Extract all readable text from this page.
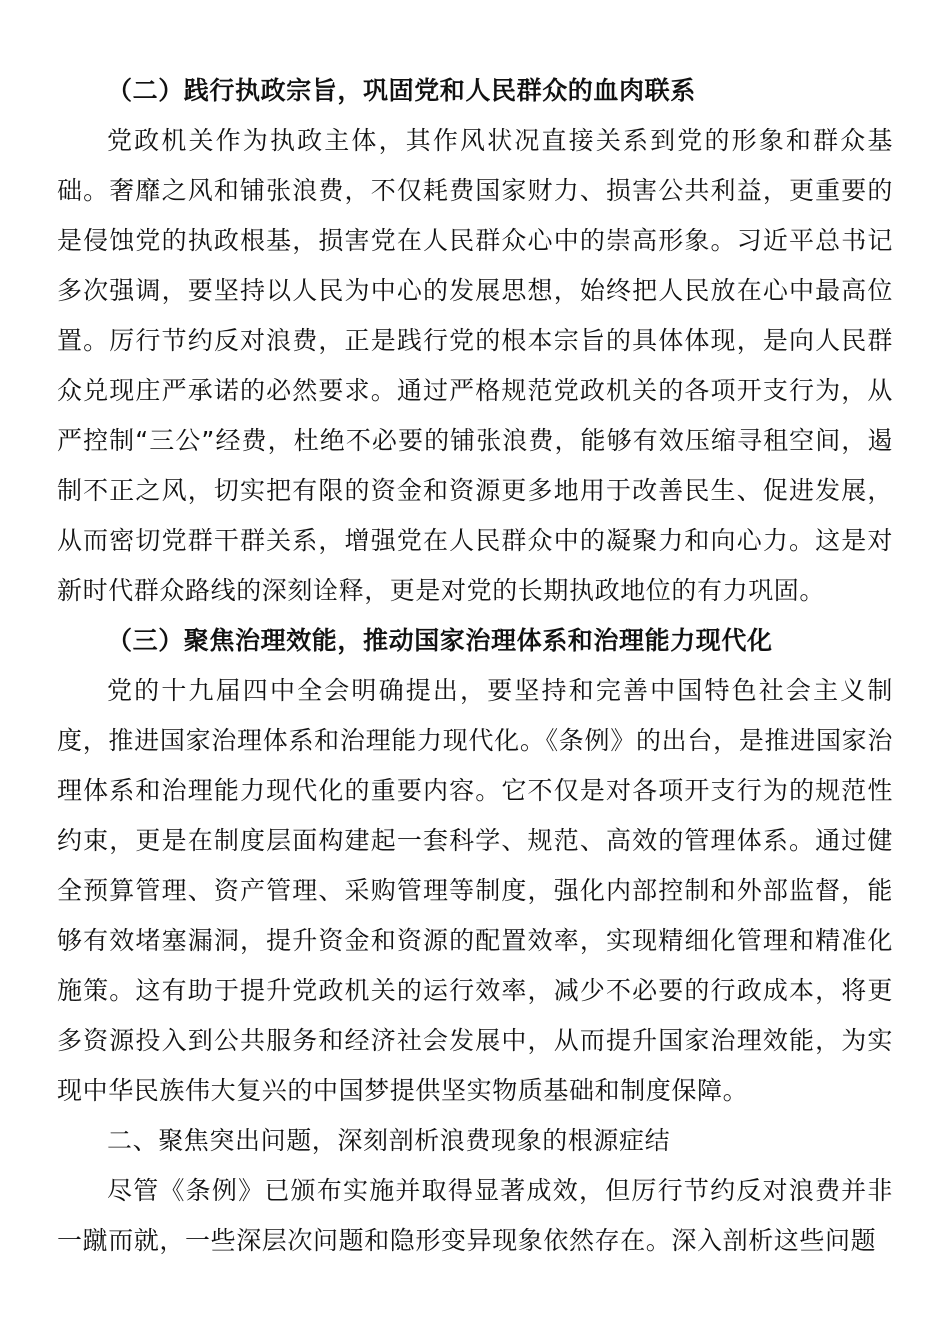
（二）践行执政宗旨，巩固党和人民群众的血肉联系

党政机关作为执政主体，其作风状况直接关系到党的形象和群众基础。奢靡之风和铺张浪费，不仅耗费国家财力、损害公共利益，更重要的是侵蚀党的执政根基，损害党在人民群众心中的崇高形象。习近平总书记多次强调，要坚持以人民为中心的发展思想，始终把人民放在心中最高位置。厉行节约反对浪费，正是践行党的根本宗旨的具体体现，是向人民群众兑现庄严承诺的必然要求。通过严格规范党政机关的各项开支行为，从严控制“三公”经费，杜绝不必要的铺张浪费，能够有效压缩寻租空间，遏制不正之风，切实把有限的资金和资源更多地用于改善民生、促进发展，从而密切党群干群关系，增强党在人民群众中的凝聚力和向心力。这是对新时代群众路线的深刻诠释，更是对党的长期执政地位的有力巩固。

（三）聚焦治理效能，推动国家治理体系和治理能力现代化

党的十九届四中全会明确提出，要坚持和完善中国特色社会主义制度，推进国家治理体系和治理能力现代化。《条例》的出台，是推进国家治理体系和治理能力现代化的重要内容。它不仅是对各项开支行为的规范性约束，更是在制度层面构建起一套科学、规范、高效的管理体系。通过健全预算管理、资产管理、采购管理等制度，强化内部控制和外部监督，能够有效堵塞漏洞，提升资金和资源的配置效率，实现精细化管理和精准化施策。这有助于提升党政机关的运行效率，减少不必要的行政成本，将更多资源投入到公共服务和经济社会发展中，从而提升国家治理效能，为实现中华民族伟大复兴的中国梦提供坚实物质基础和制度保障。

二、聚焦突出问题，深刻剖析浪费现象的根源症结

尽管《条例》已颁布实施并取得显著成效，但厉行节约反对浪费并非一蹴而就，一些深层次问题和隐形变异现象依然存在。深入剖析这些问题
